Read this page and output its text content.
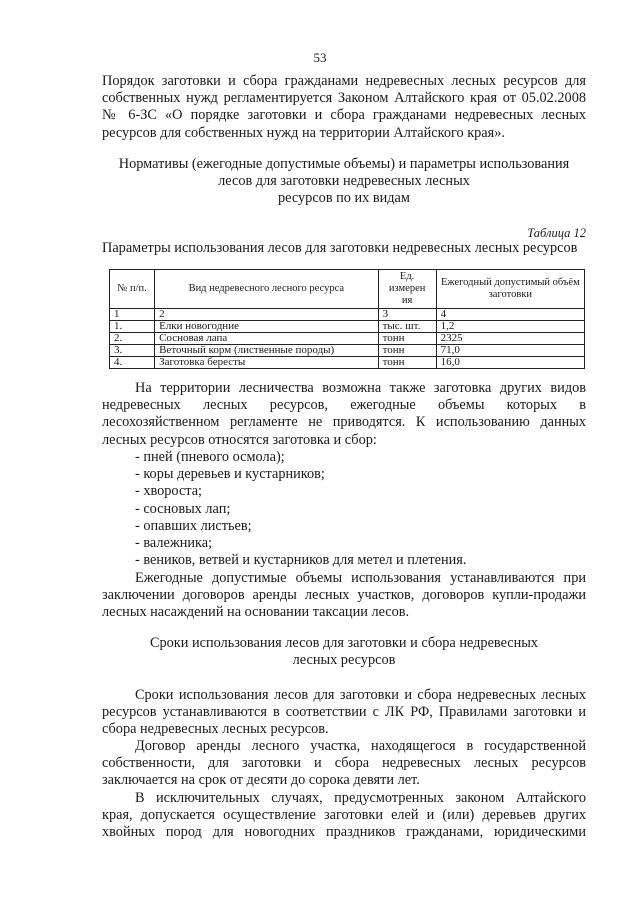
53
Порядок заготовки и сбора гражданами недревесных лесных ресурсов для
собственных нужд регламентируется Законом Алтайского края от 05.02.2008
№ 6-ЗС «О порядке заготовки и сбора гражданами недревесных лесных
ресурсов для собственных нужд на территории Алтайского края».
Нормативы (ежегодные допустимые объемы) и параметры использования
лесов для заготовки недревесных лесных
ресурсов по их видам
Таблица 12
Параметры использования лесов для заготовки недревесных лесных ресурсов
№ п/п.	Вид недревесного лесного ресурса	Ед. измерен ия	Ежегодный допустимый объём заготовки
1	2	3	4
1.	Елки новогодние	тыс. шт.	1,2
2.	Сосновая лапа	тонн	2325
3.	Веточный корм (лиственные породы)	тонн	71,0
4.	Заготовка бересты	тонн	16,0
На территории лесничества возможна также заготовка других видов
недревесных лесных ресурсов, ежегодные объемы которых в
лесохозяйственном регламенте не приводятся. К использованию данных
лесных ресурсов относятся заготовка и сбор:
- пней (пневого осмола);
- коры деревьев и кустарников;
- хвороста;
- сосновых лап;
- опавших листьев;
- валежника;
- веников, ветвей и кустарников для метел и плетения.
Ежегодные допустимые объемы использования устанавливаются при
заключении договоров аренды лесных участков, договоров купли-продажи
лесных насаждений на основании таксации лесов.
Сроки использования лесов для заготовки и сбора недревесных
лесных ресурсов
Сроки использования лесов для заготовки и сбора недревесных лесных
ресурсов устанавливаются в соответствии с ЛК РФ, Правилами заготовки и
сбора недревесных лесных ресурсов.
Договор аренды лесного участка, находящегося в государственной
собственности, для заготовки и сбора недревесных лесных ресурсов
заключается на срок от десяти до сорока девяти лет.
В исключительных случаях, предусмотренных законом Алтайского
края, допускается осуществление заготовки елей и (или) деревьев других
хвойных пород для новогодних праздников гражданами, юридическими
